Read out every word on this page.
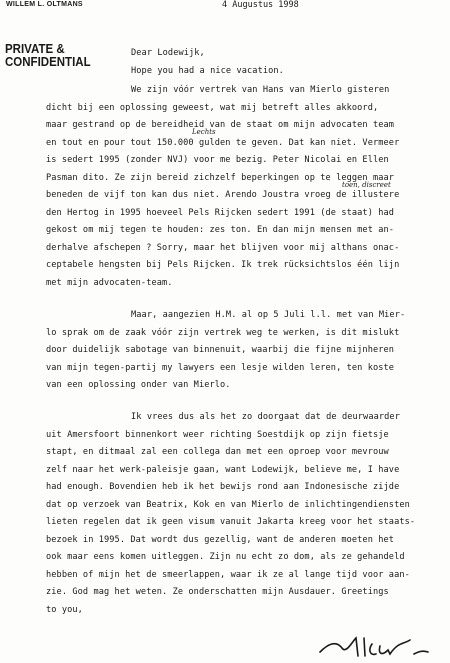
WILLEM L. OLTMANS	4 Augustus 1998
PRIVATE &
CONFIDENTIAL
Dear Lodewijk,
Hope you had a nice vacation.
We zijn vóór vertrek van Hans van Mierlo gisteren
dicht bij een oplossing geweest, wat mij betreft alles akkoord,
maar gestrand op de bereidheid van de staat om mijn advocaten team
en tout en pour tout 150.000 gulden te geven. Dat kan niet. Vermeer
is sedert 1995 (zonder NVJ) voor me bezig. Peter Nicolai en Ellen
Pasman dito. Ze zijn bereid zichzelf beperkingen op te leggen maar
beneden de vijf ton kan dus niet. Arendo Joustra vroeg de illustere
den Hertog in 1995 hoeveel Pels Rijcken sedert 1991 (de staat) had
gekost om mij tegen te houden: zes ton. En dan mijn mensen met an-
derhalve afschepen ? Sorry, maar het blijven voor mij althans onac-
ceptabele hengsten bij Pels Rijcken. Ik trek rücksichtslos één lijn
met mijn advocaten-team.
Maar, aangezien H.M. al op 5 Juli l.l. met van Mier-
lo sprak om de zaak vóór zijn vertrek weg te werken, is dit mislukt
door duidelijk sabotage van binnenuit, waarbij die fijne mijnheren
van mijn tegen-partij my lawyers een lesje wilden leren, ten koste
van een oplossing onder van Mierlo.
Ik vrees dus als het zo doorgaat dat de deurwaarder
uit Amersfoort binnenkort weer richting Soestdijk op zijn fietsje
stapt, en ditmaal zal een collega dan met een oproep voor mevrouw
zelf naar het werk-paleisje gaan, want Lodewijk, believe me, I have
had enough. Bovendien heb ik het bewijs rond aan Indonesische zijde
dat op verzoek van Beatrix, Kok en van Mierlo de inlichtingendiensten
lieten regelen dat ik geen visum vanuit Jakarta kreeg voor het staats-
bezoek in 1995. Dat wordt dus gezellig, want de anderen moeten het
ook maar eens komen uitleggen. Zijn nu echt zo dom, als ze gehandeld
hebben of mijn het de smeerlappen, waar ik ze al lange tijd voor aan-
zie. God mag het weten. Ze onderschatten mijn Ausdauer. Greetings
to you,
Lechts
toen, discreet
